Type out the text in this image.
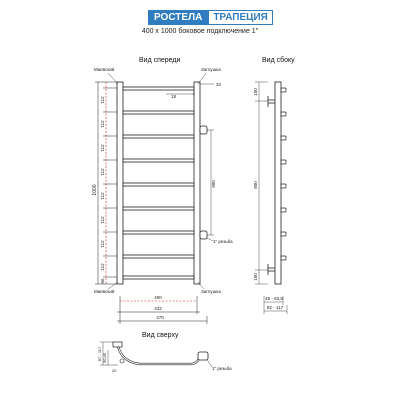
РОСТЕЛА	ТРАПЕЦИЯ
400 х 1000 боковое подключение 1"
Вид спереди	Вид сбоку
Вид сверху
1000
112
112
112
112
112
112
112
112
56
Маевский	Заглушка
Маевский	Заглушка
32
18
900
1" резьба
400
432
470
100
800
100
45 - 63,5
92 - 117
87 - 117 30,45
20	1" резьба
